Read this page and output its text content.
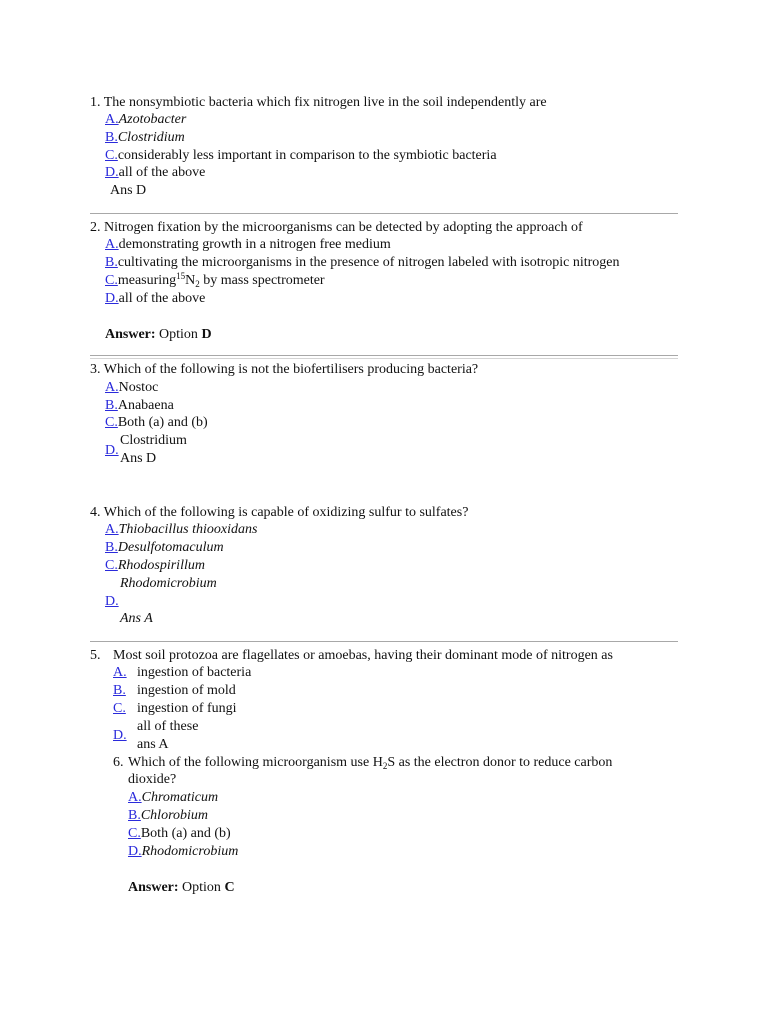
1. The nonsymbiotic bacteria which fix nitrogen live in the soil independently are
A.Azotobacter
B.Clostridium
C.considerably less important in comparison to the symbiotic bacteria
D.all of the above
Ans D
2. Nitrogen fixation by the microorganisms can be detected by adopting the approach of
A.demonstrating growth in a nitrogen free medium
B.cultivating the microorganisms in the presence of nitrogen labeled with isotropic nitrogen
$C.measuring^{15}N_2$ by mass spectrometer
D.all of the above
Answer: Option D
3. Which of the following is not the biofertilisers producing bacteria?
A.Nostoc
B.Anabaena
C.Both (a) and (b)
D.
Clostridium
Ans D
4. Which of the following is capable of oxidizing sulfur to sulfates?
A.Thiobacillus thiooxidans
B.Desulfotomaculum
C.Rhodospirillum
Rhodomicrobium
D.
Ans A
5. Most soil protozoa are flagellates or amoebas, having their dominant mode of nitrogen as
A. ingestion of bacteria
B. ingestion of mold
C. ingestion of fungi
D.
all of these
ans A
6. Which of the following microorganism use $H_2S$ as the electron donor to reduce carbon
dioxide?
A.Chromaticum
B.Chlorobium
C.Both (a) and (b)
D.Rhodomicrobium
Answer: Option C
